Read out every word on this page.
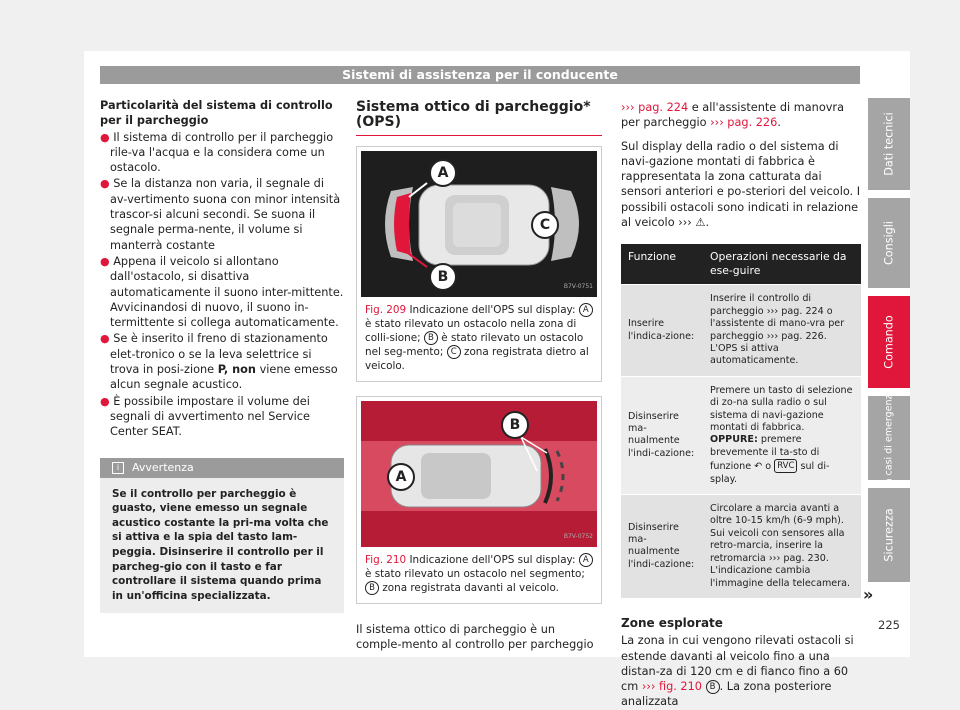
Sistemi di assistenza per il conducente

Particolarità del sistema di controllo per il parcheggio

● Il sistema di controllo per il parcheggio rile-va l'acqua e la considera come un ostacolo.

● Se la distanza non varia, il segnale di av-vertimento suona con minor intensità trascor-si alcuni secondi. Se suona il segnale perma-nente, il volume si manterrà costante

● Appena il veicolo si allontano dall'ostacolo, si disattiva automaticamente il suono inter-mittente. Avvicinandosi di nuovo, il suono in-termittente si collega automaticamente.

● Se è inserito il freno di stazionamento elet-tronico o se la leva selettrice si trova in posi-zione P, non viene emesso alcun segnale acustico.

● È possibile impostare il volume dei segnali di avvertimento nel Service Center SEAT.

i Avvertenza
Se il controllo per parcheggio è guasto, viene emesso un segnale acustico costante la pri-ma volta che si attiva e la spia del tasto lam-peggia. Disinserire il controllo per il parcheg-gio con il tasto e far controllare il sistema quando prima in un'officina specializzata.
Sistema ottico di parcheggio* (OPS)
A
B
C
B7V-0751
Fig. 209 Indicazione dell'OPS sul display: A è stato rilevato un ostacolo nella zona di colli-sione; B è stato rilevato un ostacolo nel seg-mento; C zona registrata dietro al veicolo.
B
A
B7V-0752
Fig. 210 Indicazione dell'OPS sul display: A è stato rilevato un ostacolo nel segmento; B zona registrata davanti al veicolo.

Il sistema ottico di parcheggio è un comple-mento al controllo per parcheggio

››› pag. 224 e all'assistente di manovra per parcheggio ››› pag. 226.

Sul display della radio o del sistema di navi-gazione montati di fabbrica è rappresentata la zona catturata dai sensori anteriori e po-steriori del veicolo. I possibili ostacoli sono indicati in relazione al veicolo ››› ⚠.

Funzione	Operazioni necessarie da ese-guire
Inserire l'indica-zione:	Inserire il controllo di parcheggio ››› pag. 224 o l'assistente di mano-vra per parcheggio ››› pag. 226. L'OPS si attiva automaticamente.
Disinserire ma-nualmente l'indi-cazione:	Premere un tasto di selezione di zo-na sulla radio o sul sistema di navi-gazione montati di fabbrica. OPPURE: premere brevemente il ta-sto di funzione ↶ o RVC sul di-splay.
Disinserire ma-nualmente l'indi-cazione:	Circolare a marcia avanti a oltre 10-15 km/h (6-9 mph). Sui veicoli con sensores alla retro-marcia, inserire la retromarcia ››› pag. 230. L'indicazione cambia l'immagine della telecamera.

Zone esplorate

La zona in cui vengono rilevati ostacoli si estende davanti al veicolo fino a una distan-za di 120 cm e di fianco fino a 60 cm ››› fig. 210 B . La zona posteriore analizzata

»
Dati tecnici
Consigli
Comando
In casi di emergenza
Sicurezza
225
